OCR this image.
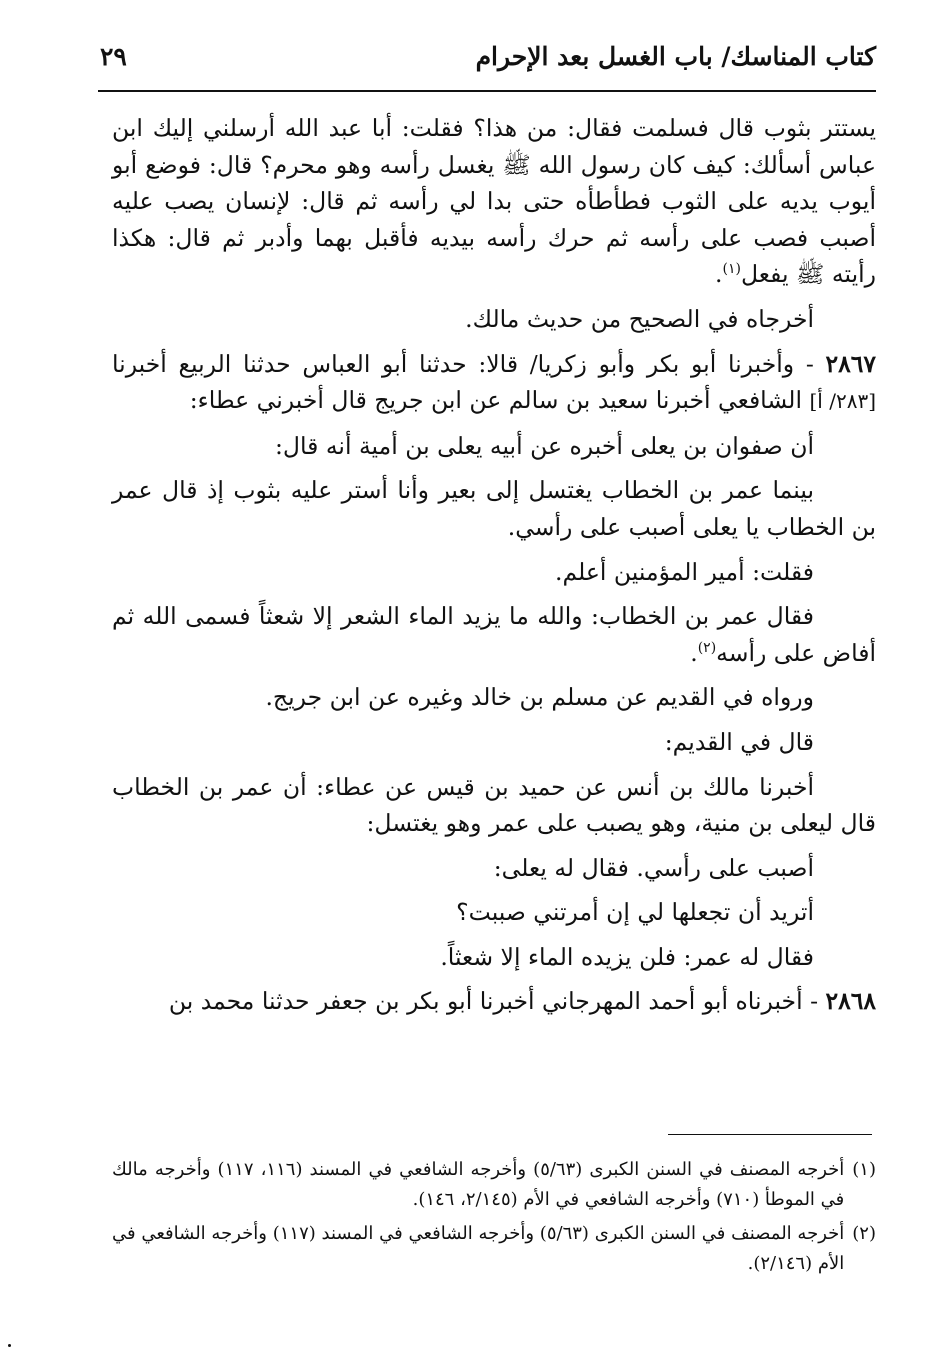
كتاب المناسك/ باب الغسل بعد الإحرام
٢٩

يستتر بثوب قال فسلمت فقال: من هذا؟ فقلت: أبا عبد الله أرسلني إليك ابن عباس أسألك: كيف كان رسول الله ﷺ يغسل رأسه وهو محرم؟ قال: فوضع أبو أيوب يديه على الثوب فطأطأه حتى بدا لي رأسه ثم قال: لإنسان يصب عليه أصبب فصب على رأسه ثم حرك رأسه بيديه فأقبل بهما وأدبر ثم قال: هكذا رأيته ﷺ يفعل$^{(١)}$.

أخرجاه في الصحيح من حديث مالك.

٢٨٦٧ - وأخبرنا أبو بكر وأبو زكريا/ قالا: حدثنا أبو العباس حدثنا الربيع أخبرنا [٢٨٣/ أ] الشافعي أخبرنا سعيد بن سالم عن ابن جريج قال أخبرني عطاء:

أن صفوان بن يعلى أخبره عن أبيه يعلى بن أمية أنه قال:

بينما عمر بن الخطاب يغتسل إلى بعير وأنا أستر عليه بثوب إذ قال عمر بن الخطاب يا يعلى أصبب على رأسي.

فقلت: أمير المؤمنين أعلم.

فقال عمر بن الخطاب: والله ما يزيد الماء الشعر إلا شعثاً فسمى الله ثم أفاض على رأسه$^{(٢)}$.

ورواه في القديم عن مسلم بن خالد وغيره عن ابن جريج.

قال في القديم:

أخبرنا مالك بن أنس عن حميد بن قيس عن عطاء: أن عمر بن الخطاب قال ليعلى بن منية، وهو يصبب على عمر وهو يغتسل:

أصبب على رأسي. فقال له يعلى:

أتريد أن تجعلها لي إن أمرتني صببت؟

فقال له عمر: فلن يزيده الماء إلا شعثاً.

٢٨٦٨ - أخبرناه أبو أحمد المهرجاني أخبرنا أبو بكر بن جعفر حدثنا محمد بن

(١)
أخرجه المصنف في السنن الكبرى (٥/٦٣) وأخرجه الشافعي في المسند (١١٦، ١١٧) وأخرجه مالك في الموطأ (٧١٠) وأخرجه الشافعي في الأم (٢/١٤٥، ١٤٦).
(٢)
أخرجه المصنف في السنن الكبرى (٥/٦٣) وأخرجه الشافعي في المسند (١١٧) وأخرجه الشافعي في الأم (٢/١٤٦).
